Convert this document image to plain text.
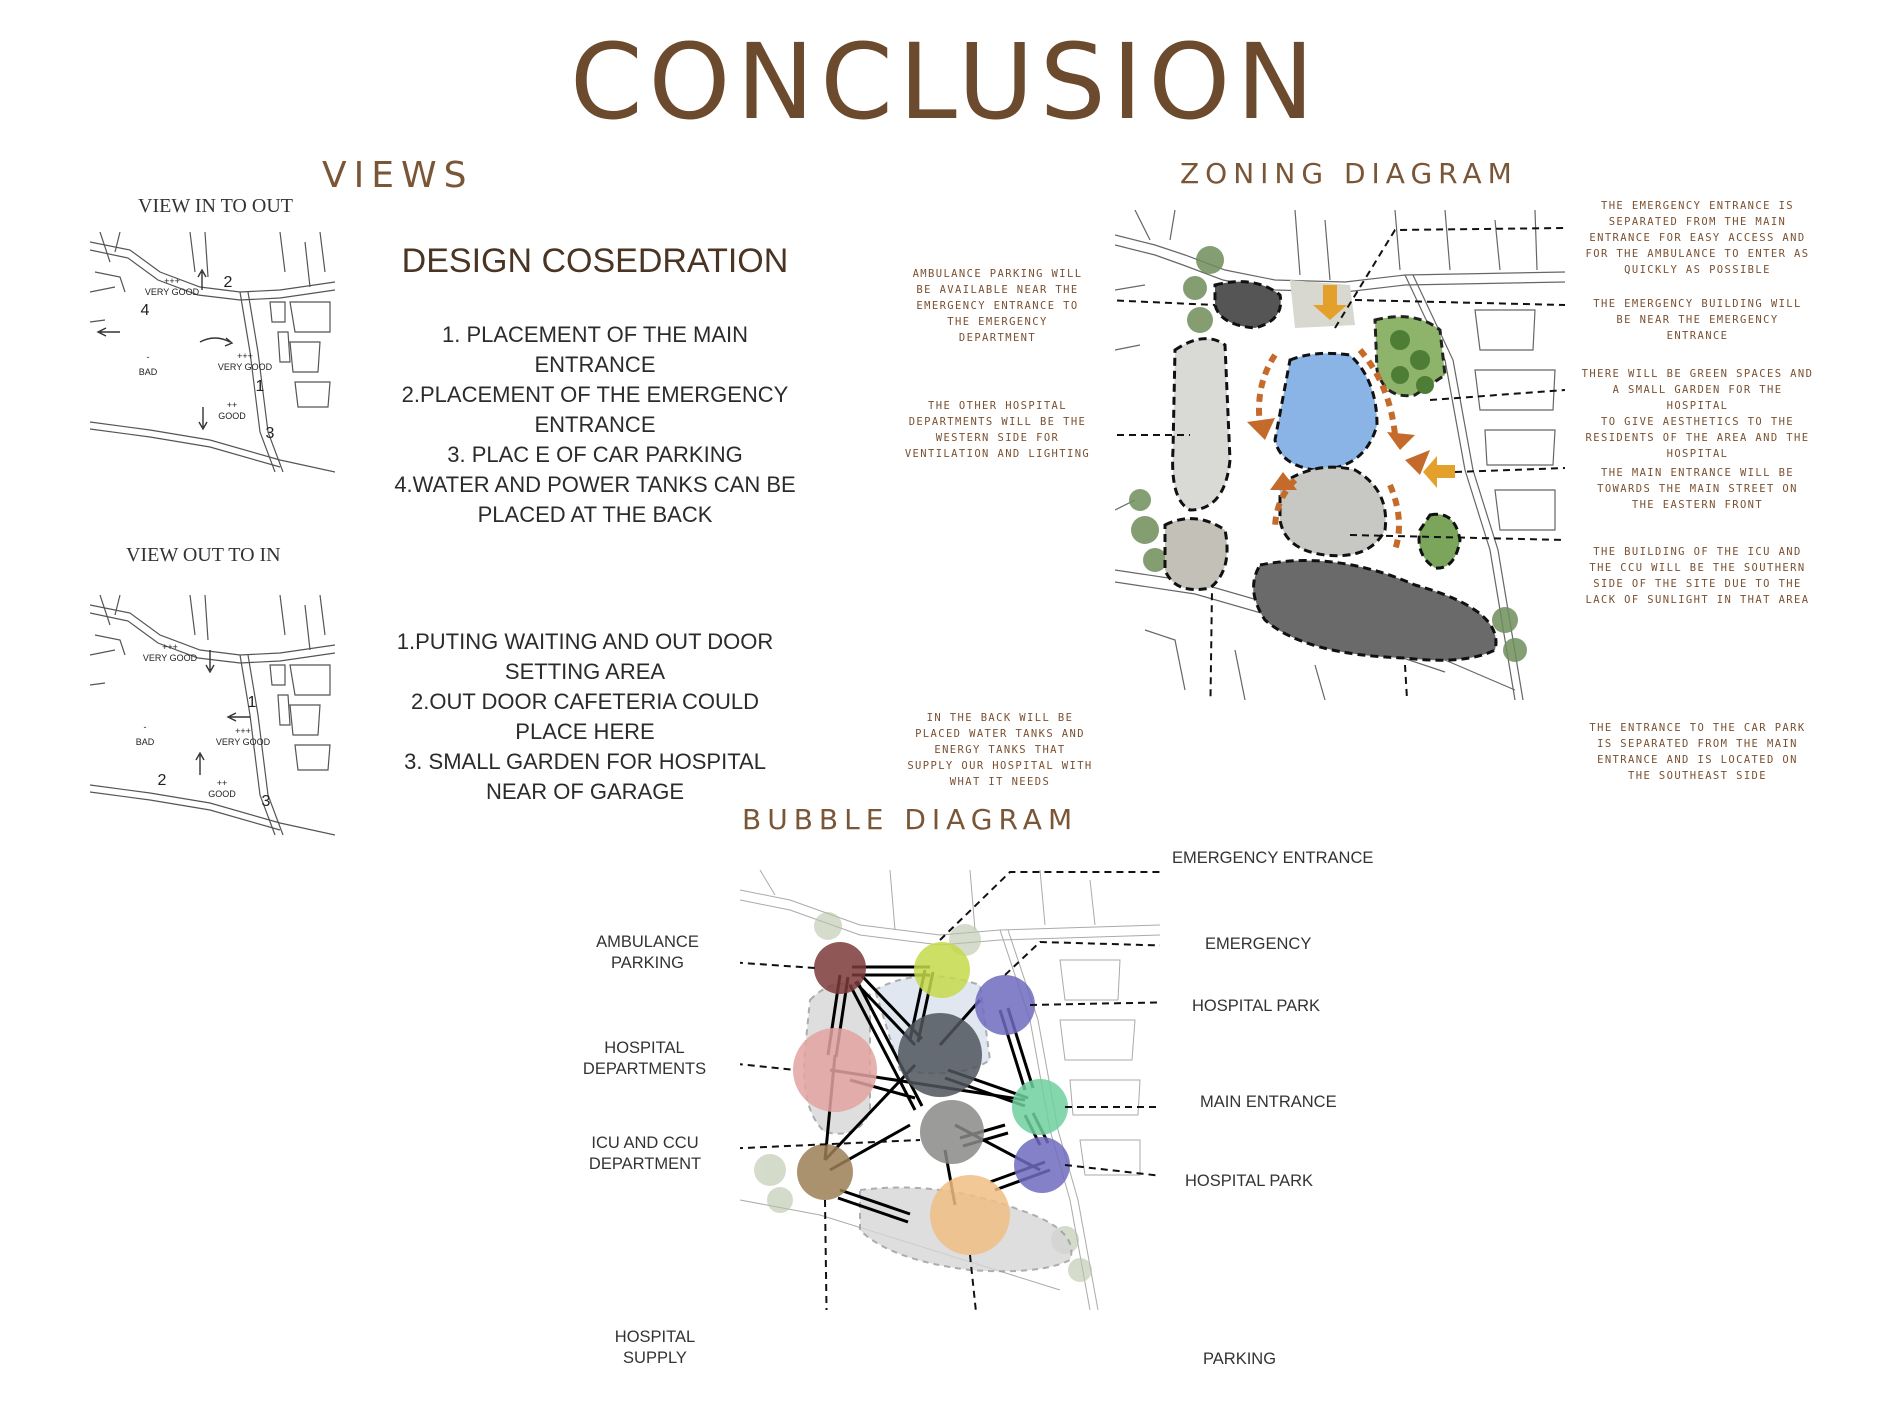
CONCLUSION
VIEWS
VIEW IN TO OUT
VIEW OUT TO IN
+++
VERY GOOD
2
4
+++
VERY GOOD
1
-
BAD
++
GOOD
3
+++
VERY GOOD
1
-
BAD
+++
VERY GOOD
2	++
GOOD 3
DESIGN COSEDRATION
1. PLACEMENT OF THE MAIN
ENTRANCE
2.PLACEMENT OF THE EMERGENCY
ENTRANCE
3. PLAC E OF CAR PARKING
4.WATER AND POWER TANKS CAN BE
PLACED AT THE BACK
1.PUTING WAITING AND OUT DOOR
SETTING AREA
2.OUT DOOR CAFETERIA COULD
PLACE HERE
3. SMALL GARDEN FOR HOSPITAL
NEAR OF GARAGE
ZONING DIAGRAM
AMBULANCE PARKING WILL
BE AVAILABLE NEAR THE
EMERGENCY ENTRANCE TO
THE EMERGENCY
DEPARTMENT
THE OTHER HOSPITAL
DEPARTMENTS WILL BE THE
WESTERN SIDE FOR
VENTILATION AND LIGHTING
IN THE BACK WILL BE
PLACED WATER TANKS AND
ENERGY TANKS THAT
SUPPLY OUR HOSPITAL WITH
WHAT IT NEEDS
THE EMERGENCY ENTRANCE IS
SEPARATED FROM THE MAIN
ENTRANCE FOR EASY ACCESS AND
FOR THE AMBULANCE TO ENTER AS
QUICKLY AS POSSIBLE
THE EMERGENCY BUILDING WILL
BE NEAR THE EMERGENCY
ENTRANCE
THERE WILL BE GREEN SPACES AND
A SMALL GARDEN FOR THE HOSPITAL
TO GIVE AESTHETICS TO THE
RESIDENTS OF THE AREA AND THE
HOSPITAL
THE MAIN ENTRANCE WILL BE
TOWARDS THE MAIN STREET ON
THE EASTERN FRONT
THE BUILDING OF THE ICU AND
THE CCU WILL BE THE SOUTHERN
SIDE OF THE SITE DUE TO THE
LACK OF SUNLIGHT IN THAT AREA
THE ENTRANCE TO THE CAR PARK
IS SEPARATED FROM THE MAIN
ENTRANCE AND IS LOCATED ON
THE SOUTHEAST SIDE
BUBBLE DIAGRAM
EMERGENCY ENTRANCE
AMBULANCE
PARKING
EMERGENCY
HOSPITAL PARK
HOSPITAL
DEPARTMENTS
MAIN ENTRANCE
ICU AND CCU
DEPARTMENT
HOSPITAL PARK
HOSPITAL
SUPPLY	PARKING
